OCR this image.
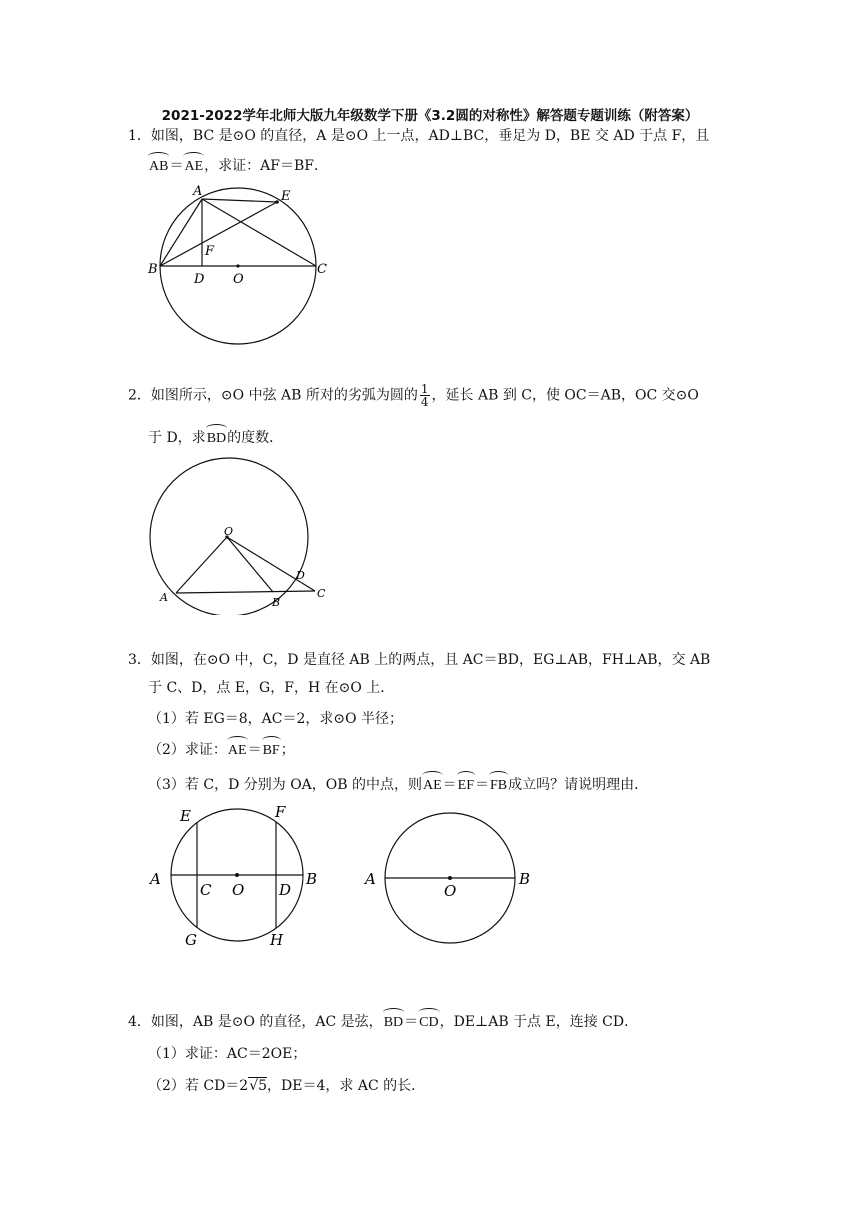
2021-2022学年北师大版九年级数学下册《3.2圆的对称性》解答题专题训练（附答案）
1．如图，BC 是⊙O 的直径，A 是⊙O 上一点，AD⊥BC，垂足为 D，BE 交 AD 于点 F，且
AB＝AE，求证：AF＝BF．
A	E
F
B
D O
C
2．如图所示，⊙O 中弦 AB 所对的劣弧为圆的 $\frac{1}{4}$ ，延长 AB 到 C，使 OC＝AB，OC 交⊙O
于 D，求BD的度数．
O
D
C
A	B
3．如图，在⊙O 中，C，D 是直径 AB 上的两点，且 AC＝BD，EG⊥AB，FH⊥AB，交 AB
于 C、D，点 E，G，F，H 在⊙O 上．
（1）若 EG＝8，AC＝2，求⊙O 半径；
（2）求证：AE＝BF；
（3）若 C，D 分别为 OA，OB 的中点，则AE＝EF＝FB成立吗？请说明理由．
E	F
A
C O D
B
G	H
A
O
B
4．如图，AB 是⊙O 的直径，AC 是弦，BD＝CD，DE⊥AB 于点 E，连接 CD．
（1）求证：AC＝2OE；
（2）若 CD＝2√5，DE＝4，求 AC 的长．
